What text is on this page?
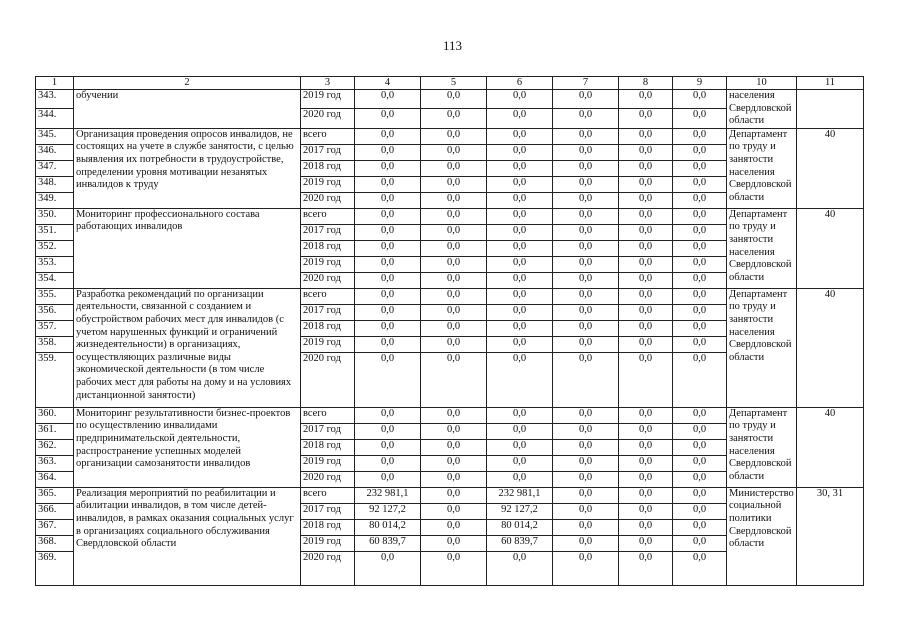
113
1	2	3	4	5	6	7	8	9	10	11
343.	обучении	2019 год	0,0	0,0	0,0	0,0	0,0	0,0	населения Свердловской области	
344.		2020 год	0,0	0,0	0,0	0,0	0,0	0,0		
345.	Организация проведения опросов инвалидов, не состоящих на учете в службе занятости, с целью выявления их потребности в трудоустройстве, определении уровня мотивации незанятых инвалидов к труду	всего	0,0	0,0	0,0	0,0	0,0	0,0	Департамент по труду и занятости населения Свердловской области	40
346.		2017 год	0,0	0,0	0,0	0,0	0,0	0,0		
347.		2018 год	0,0	0,0	0,0	0,0	0,0	0,0		
348.		2019 год	0,0	0,0	0,0	0,0	0,0	0,0		
349.		2020 год	0,0	0,0	0,0	0,0	0,0	0,0		
350.	Мониторинг профессионального состава работающих инвалидов	всего	0,0	0,0	0,0	0,0	0,0	0,0	Департамент по труду и занятости населения Свердловской области	40
351.		2017 год	0,0	0,0	0,0	0,0	0,0	0,0		
352.		2018 год	0,0	0,0	0,0	0,0	0,0	0,0		
353.		2019 год	0,0	0,0	0,0	0,0	0,0	0,0		
354.		2020 год	0,0	0,0	0,0	0,0	0,0	0,0		
355.	Разработка рекомендаций по организации деятельности, связанной с созданием и обустройством рабочих мест для инвалидов (с учетом нарушенных функций и ограничений жизнедеятельности) в организациях, осуществляющих различные виды экономической деятельности (в том числе рабочих мест для работы на дому и на условиях дистанционной занятости)	всего	0,0	0,0	0,0	0,0	0,0	0,0	Департамент по труду и занятости населения Свердловской области	40
356.		2017 год	0,0	0,0	0,0	0,0	0,0	0,0		
357.		2018 год	0,0	0,0	0,0	0,0	0,0	0,0		
358.		2019 год	0,0	0,0	0,0	0,0	0,0	0,0		
359.		2020 год	0,0	0,0	0,0	0,0	0,0	0,0		
360.	Мониторинг результативности бизнес-проектов по осуществлению инвалидами предпринимательской деятельности, распространение успешных моделей организации самозанятости инвалидов	всего	0,0	0,0	0,0	0,0	0,0	0,0	Департамент по труду и занятости населения Свердловской области	40
361.		2017 год	0,0	0,0	0,0	0,0	0,0	0,0		
362.		2018 год	0,0	0,0	0,0	0,0	0,0	0,0		
363.		2019 год	0,0	0,0	0,0	0,0	0,0	0,0		
364.		2020 год	0,0	0,0	0,0	0,0	0,0	0,0		
365.	Реализация мероприятий по реабилитации и абилитации инвалидов, в том числе детей-инвалидов, в рамках оказания социальных услуг в организациях социального обслуживания Свердловской области	всего	232 981,1	0,0	232 981,1	0,0	0,0	0,0	Министерство социальной политики Свердловской области	30, 31
366.		2017 год	92 127,2	0,0	92 127,2	0,0	0,0	0,0		
367.		2018 год	80 014,2	0,0	80 014,2	0,0	0,0	0,0		
368.		2019 год	60 839,7	0,0	60 839,7	0,0	0,0	0,0		
369.		2020 год	0,0	0,0	0,0	0,0	0,0	0,0		
